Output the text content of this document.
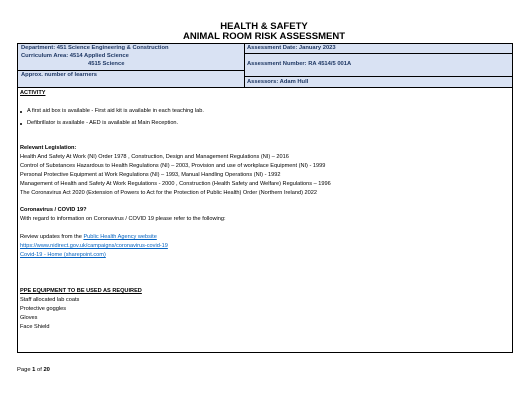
HEALTH & SAFETY
ANIMAL ROOM RISK ASSESSMENT
Department: 451 Science Engineering & Construction
Curriculum Area: 4514 Applied Science
4515 Science
Approx. number of learners
Assessment Date: January 2023
Assessment Number: RA 4514/5 001A
Assessors: Adam Hull
ACTIVITY
A first aid box is available - First aid kit is available in each teaching lab.
Defibrillator is available - AED is available at Main Reception.
Relevant Legislation:
Health And Safety At Work (NI) Order 1978 , Construction, Design and Management Regulations (NI) – 2016
Control of Substances Hazardous to Health Regulations (NI) – 2003, Provision and use of workplace Equipment (NI) - 1999
Personal Protective Equipment at Work Regulations (NI) – 1993, Manual Handling Operations (NI) - 1992
Management of Health and Safety At Work Regulations - 2000 , Construction (Health Safety and Welfare) Regulations – 1996
The Coronavirus Act 2020 (Extension of Powers to Act for the Protection of Public Health) Order (Northern Ireland) 2022
Coronavirus / COVID 19?
With regard to information on Coronavirus / COVID 19 please refer to the following:
Review updates from the Public Health Agency website
https://www.nidirect.gov.uk/campaigns/coronavirus-covid-19
Covid-19 - Home (sharepoint.com)
PPE EQUIPMENT TO BE USED AS REQUIRED
Staff allocated lab coats
Protective goggles
Gloves
Face Shield
Page 1 of 20
